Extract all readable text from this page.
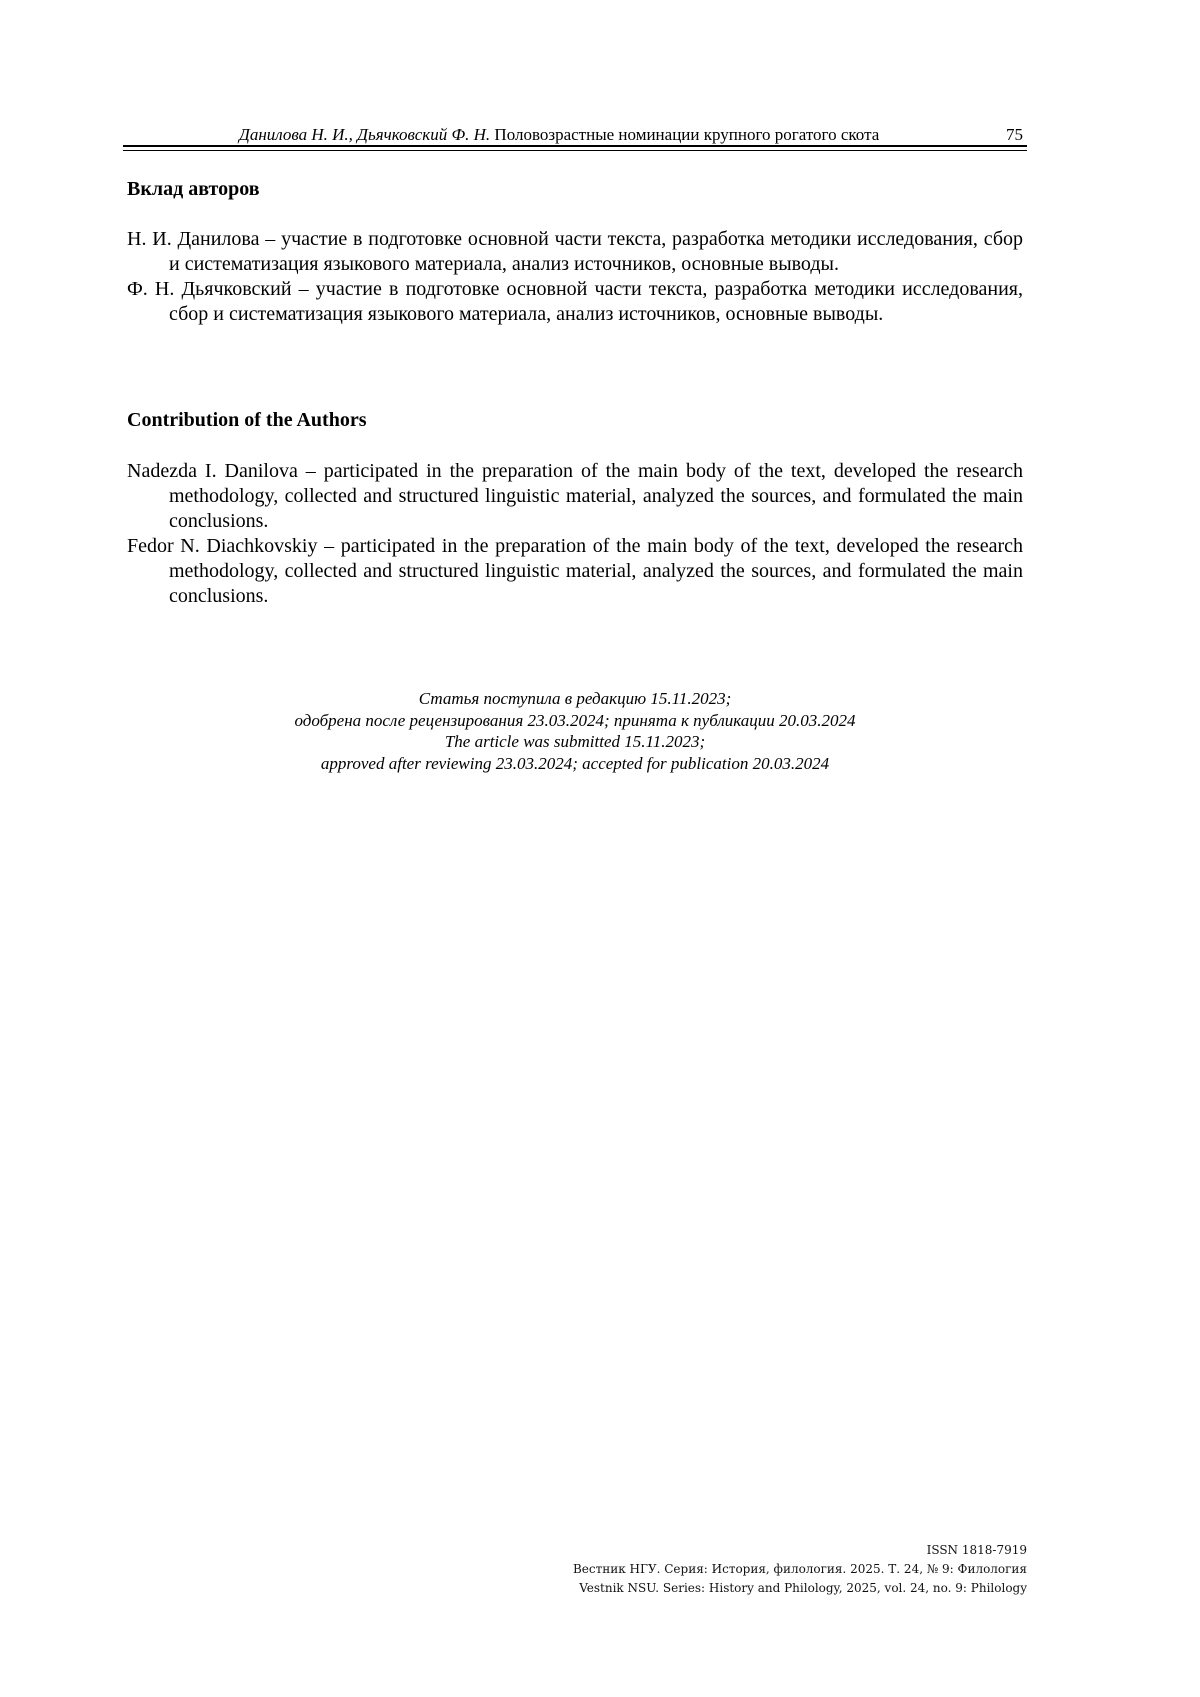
Данилова Н. И., Дьячковский Ф. Н. Половозрастные номинации крупного рогатого скота	75
Вклад авторов
Н. И. Данилова – участие в подготовке основной части текста, разработка методики исследования, сбор и систематизация языкового материала, анализ источников, основные выводы.
Ф. Н. Дьячковский – участие в подготовке основной части текста, разработка методики исследования, сбор и систематизация языкового материала, анализ источников, основные выводы.
Contribution of the Authors
Nadezda I. Danilova – participated in the preparation of the main body of the text, developed the research methodology, collected and structured linguistic material, analyzed the sources, and formulated the main conclusions.
Fedor N. Diachkovskiy – participated in the preparation of the main body of the text, developed the research methodology, collected and structured linguistic material, analyzed the sources, and formulated the main conclusions.
Статья поступила в редакцию 15.11.2023;
одобрена после рецензирования 23.03.2024; принята к публикации 20.03.2024
The article was submitted 15.11.2023;
approved after reviewing 23.03.2024; accepted for publication 20.03.2024
ISSN 1818-7919
Вестник НГУ. Серия: История, филология. 2025. Т. 24, № 9: Филология
Vestnik NSU. Series: History and Philology, 2025, vol. 24, no. 9: Philology
